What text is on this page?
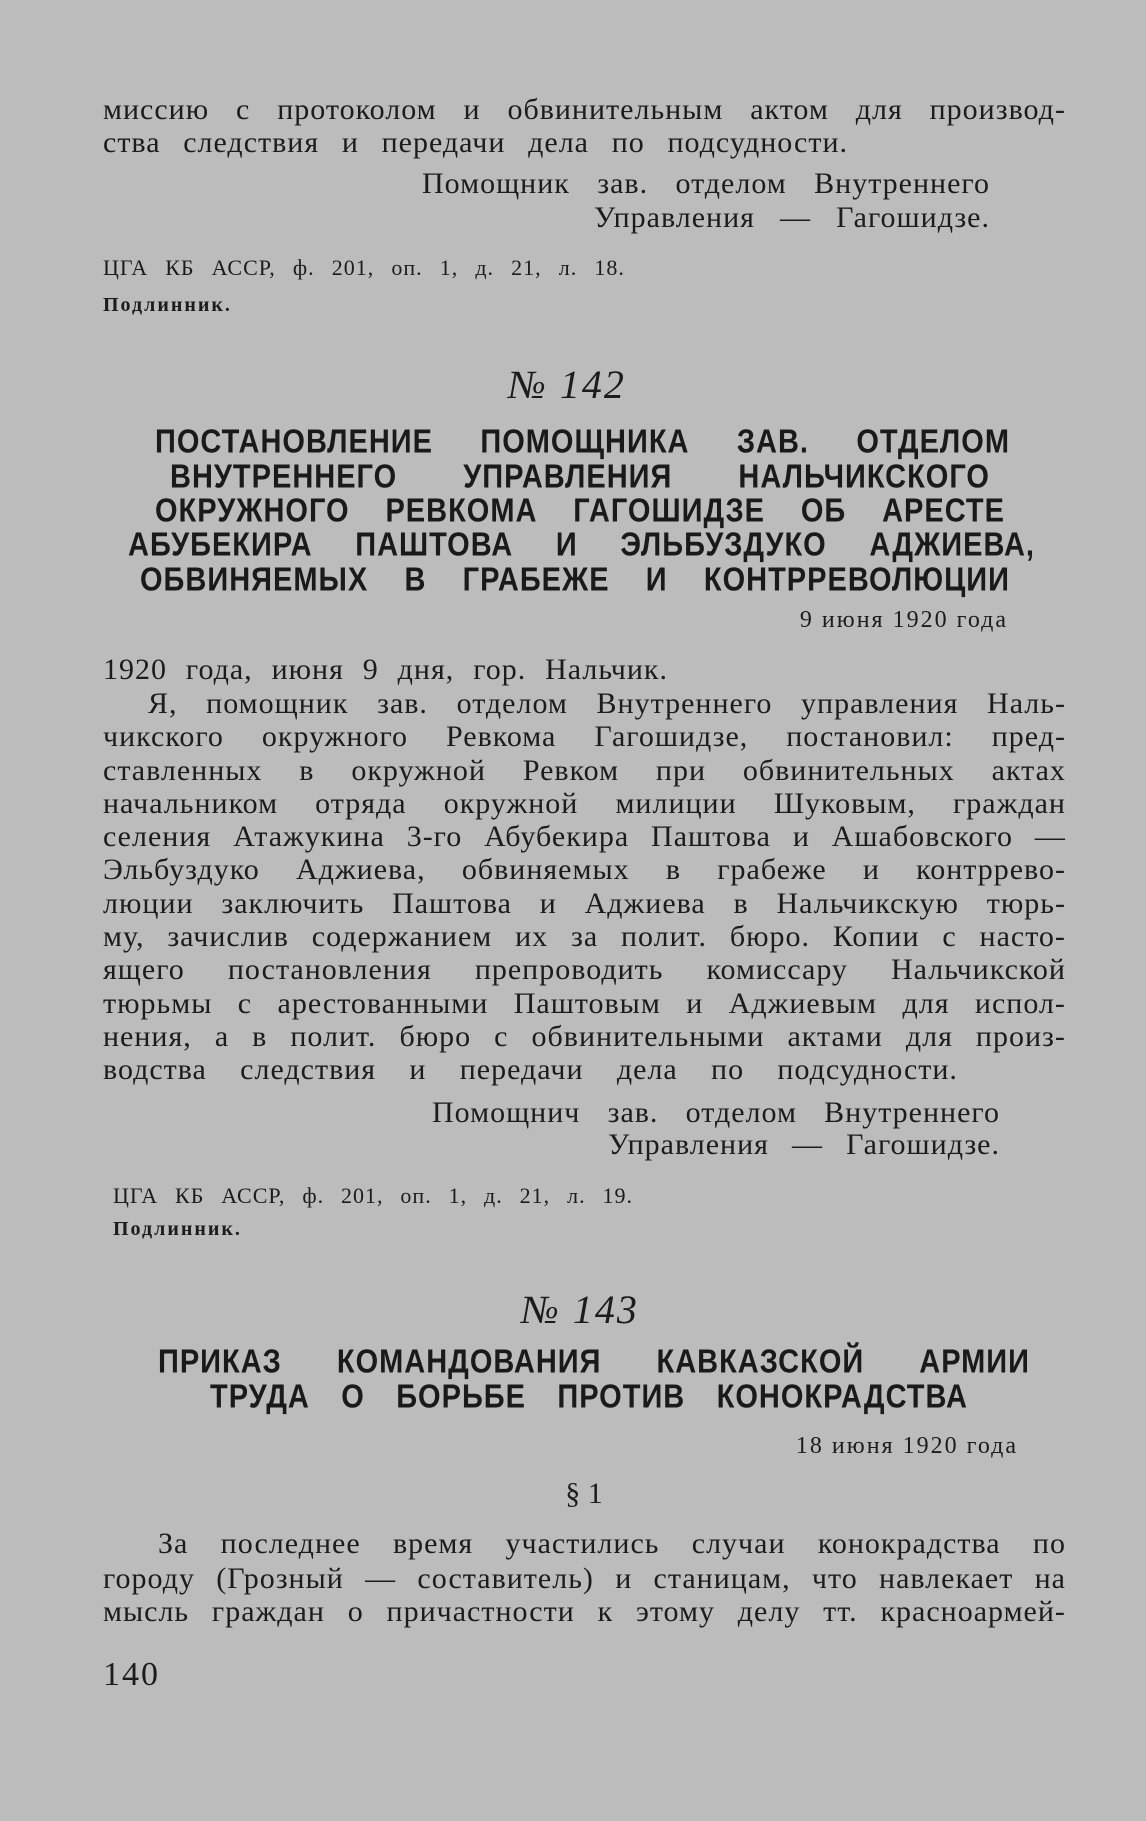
миссию с протоколом и обвинительным актом для производ-
ства следствия и передачи дела по подсудности.
Помощник зав. отделом Внутреннего
Управления — Гагошидзе.
ЦГА КБ АССР, ф. 201, оп. 1, д. 21, л. 18.
Подлинник.
№ 142
ПОСТАНОВЛЕНИЕ ПОМОЩНИКА ЗАВ. ОТДЕЛОМ
ВНУТРЕННЕГО УПРАВЛЕНИЯ НАЛЬЧИКСКОГО
ОКРУЖНОГО РЕВКОМА ГАГОШИДЗЕ ОБ АРЕСТЕ
АБУБЕКИРА ПАШТОВА И ЭЛЬБУЗДУКО АДЖИЕВА,
ОБВИНЯЕМЫХ В ГРАБЕЖЕ И КОНТРРЕВОЛЮЦИИ
9 июня 1920 года
1920 года, июня 9 дня, гор. Нальчик.
Я, помощник зав. отделом Внутреннего управления Наль-
чикского окружного Ревкома Гагошидзе, постановил: пред-
ставленных в окружной Ревком при обвинительных актах
начальником отряда окружной милиции Шуковым, граждан
селения Атажукина 3-го Абубекира Паштова и Ашабовского —
Эльбуздуко Аджиева, обвиняемых в грабеже и контррево-
люции заключить Паштова и Аджиева в Нальчикскую тюрь-
му, зачислив содержанием их за полит. бюро. Копии с насто-
ящего постановления препроводить комиссару Нальчикской
тюрьмы с арестованными Паштовым и Аджиевым для испол-
нения, а в полит. бюро с обвинительными актами для произ-
водства следствия и передачи дела по подсудности.
Помощнич зав. отделом Внутреннего
Управления — Гагошидзе.
ЦГА КБ АССР, ф. 201, оп. 1, д. 21, л. 19.
Подлинник.
№ 143
ПРИКАЗ КОМАНДОВАНИЯ КАВКАЗСКОЙ АРМИИ
ТРУДА О БОРЬБЕ ПРОТИВ КОНОКРАДСТВА
18 июня 1920 года
§ 1
За последнее время участились случаи конокрадства по
городу (Грозный — составитель) и станицам, что навлекает на
мысль граждан о причастности к этому делу тт. красноармей-
140
